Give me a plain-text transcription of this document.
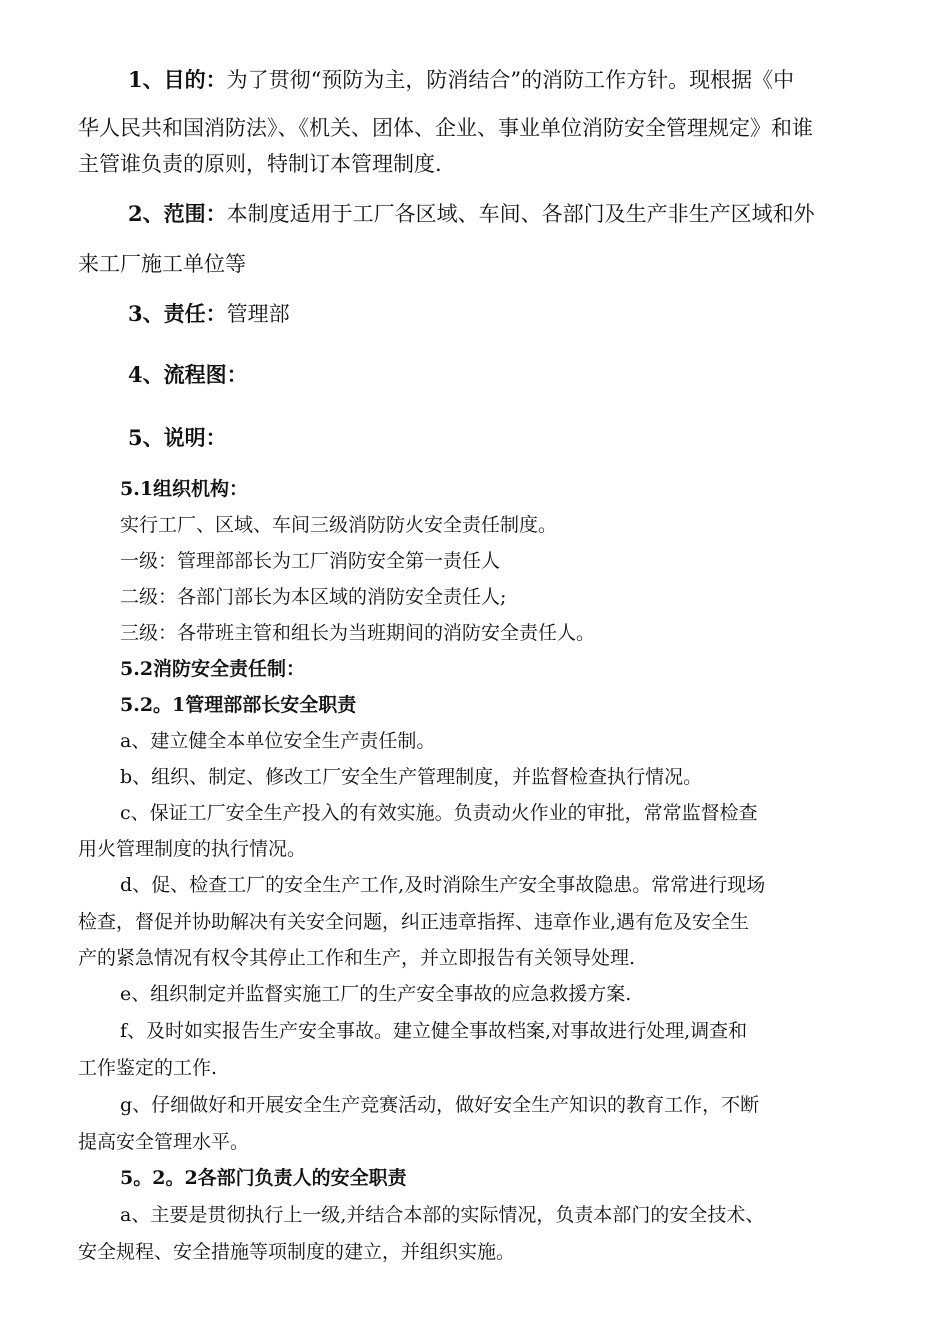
1、目的：为了贯彻“预防为主，防消结合”的消防工作方针。现根据《中
华人民共和国消防法》、《机关、团体、企业、事业单位消防安全管理规定》和谁
主管谁负责的原则，特制订本管理制度.
2、范围：本制度适用于工厂各区域、车间、各部门及生产非生产区域和外
来工厂施工单位等
3、责任：管理部
4、流程图：
5、说明：
5.1组织机构：
实行工厂、区域、车间三级消防防火安全责任制度。
一级：管理部部长为工厂消防安全第一责任人
二级：各部门部长为本区域的消防安全责任人;
三级：各带班主管和组长为当班期间的消防安全责任人。
5.2消防安全责任制：
5.2。1管理部部长安全职责
a、建立健全本单位安全生产责任制。
b、组织、制定、修改工厂安全生产管理制度，并监督检查执行情况。
c、保证工厂安全生产投入的有效实施。负责动火作业的审批，常常监督检查
用火管理制度的执行情况。
d、促、检查工厂的安全生产工作,及时消除生产安全事故隐患。常常进行现场
检查，督促并协助解决有关安全问题，纠正违章指挥、违章作业,遇有危及安全生
产的紧急情况有权令其停止工作和生产，并立即报告有关领导处理.
e、组织制定并监督实施工厂的生产安全事故的应急救援方案.
f、及时如实报告生产安全事故。建立健全事故档案,对事故进行处理,调查和
工作鉴定的工作.
g、仔细做好和开展安全生产竞赛活动，做好安全生产知识的教育工作，不断
提高安全管理水平。
5。2。2各部门负责人的安全职责
a、主要是贯彻执行上一级,并结合本部的实际情况，负责本部门的安全技术、
安全规程、安全措施等项制度的建立，并组织实施。
